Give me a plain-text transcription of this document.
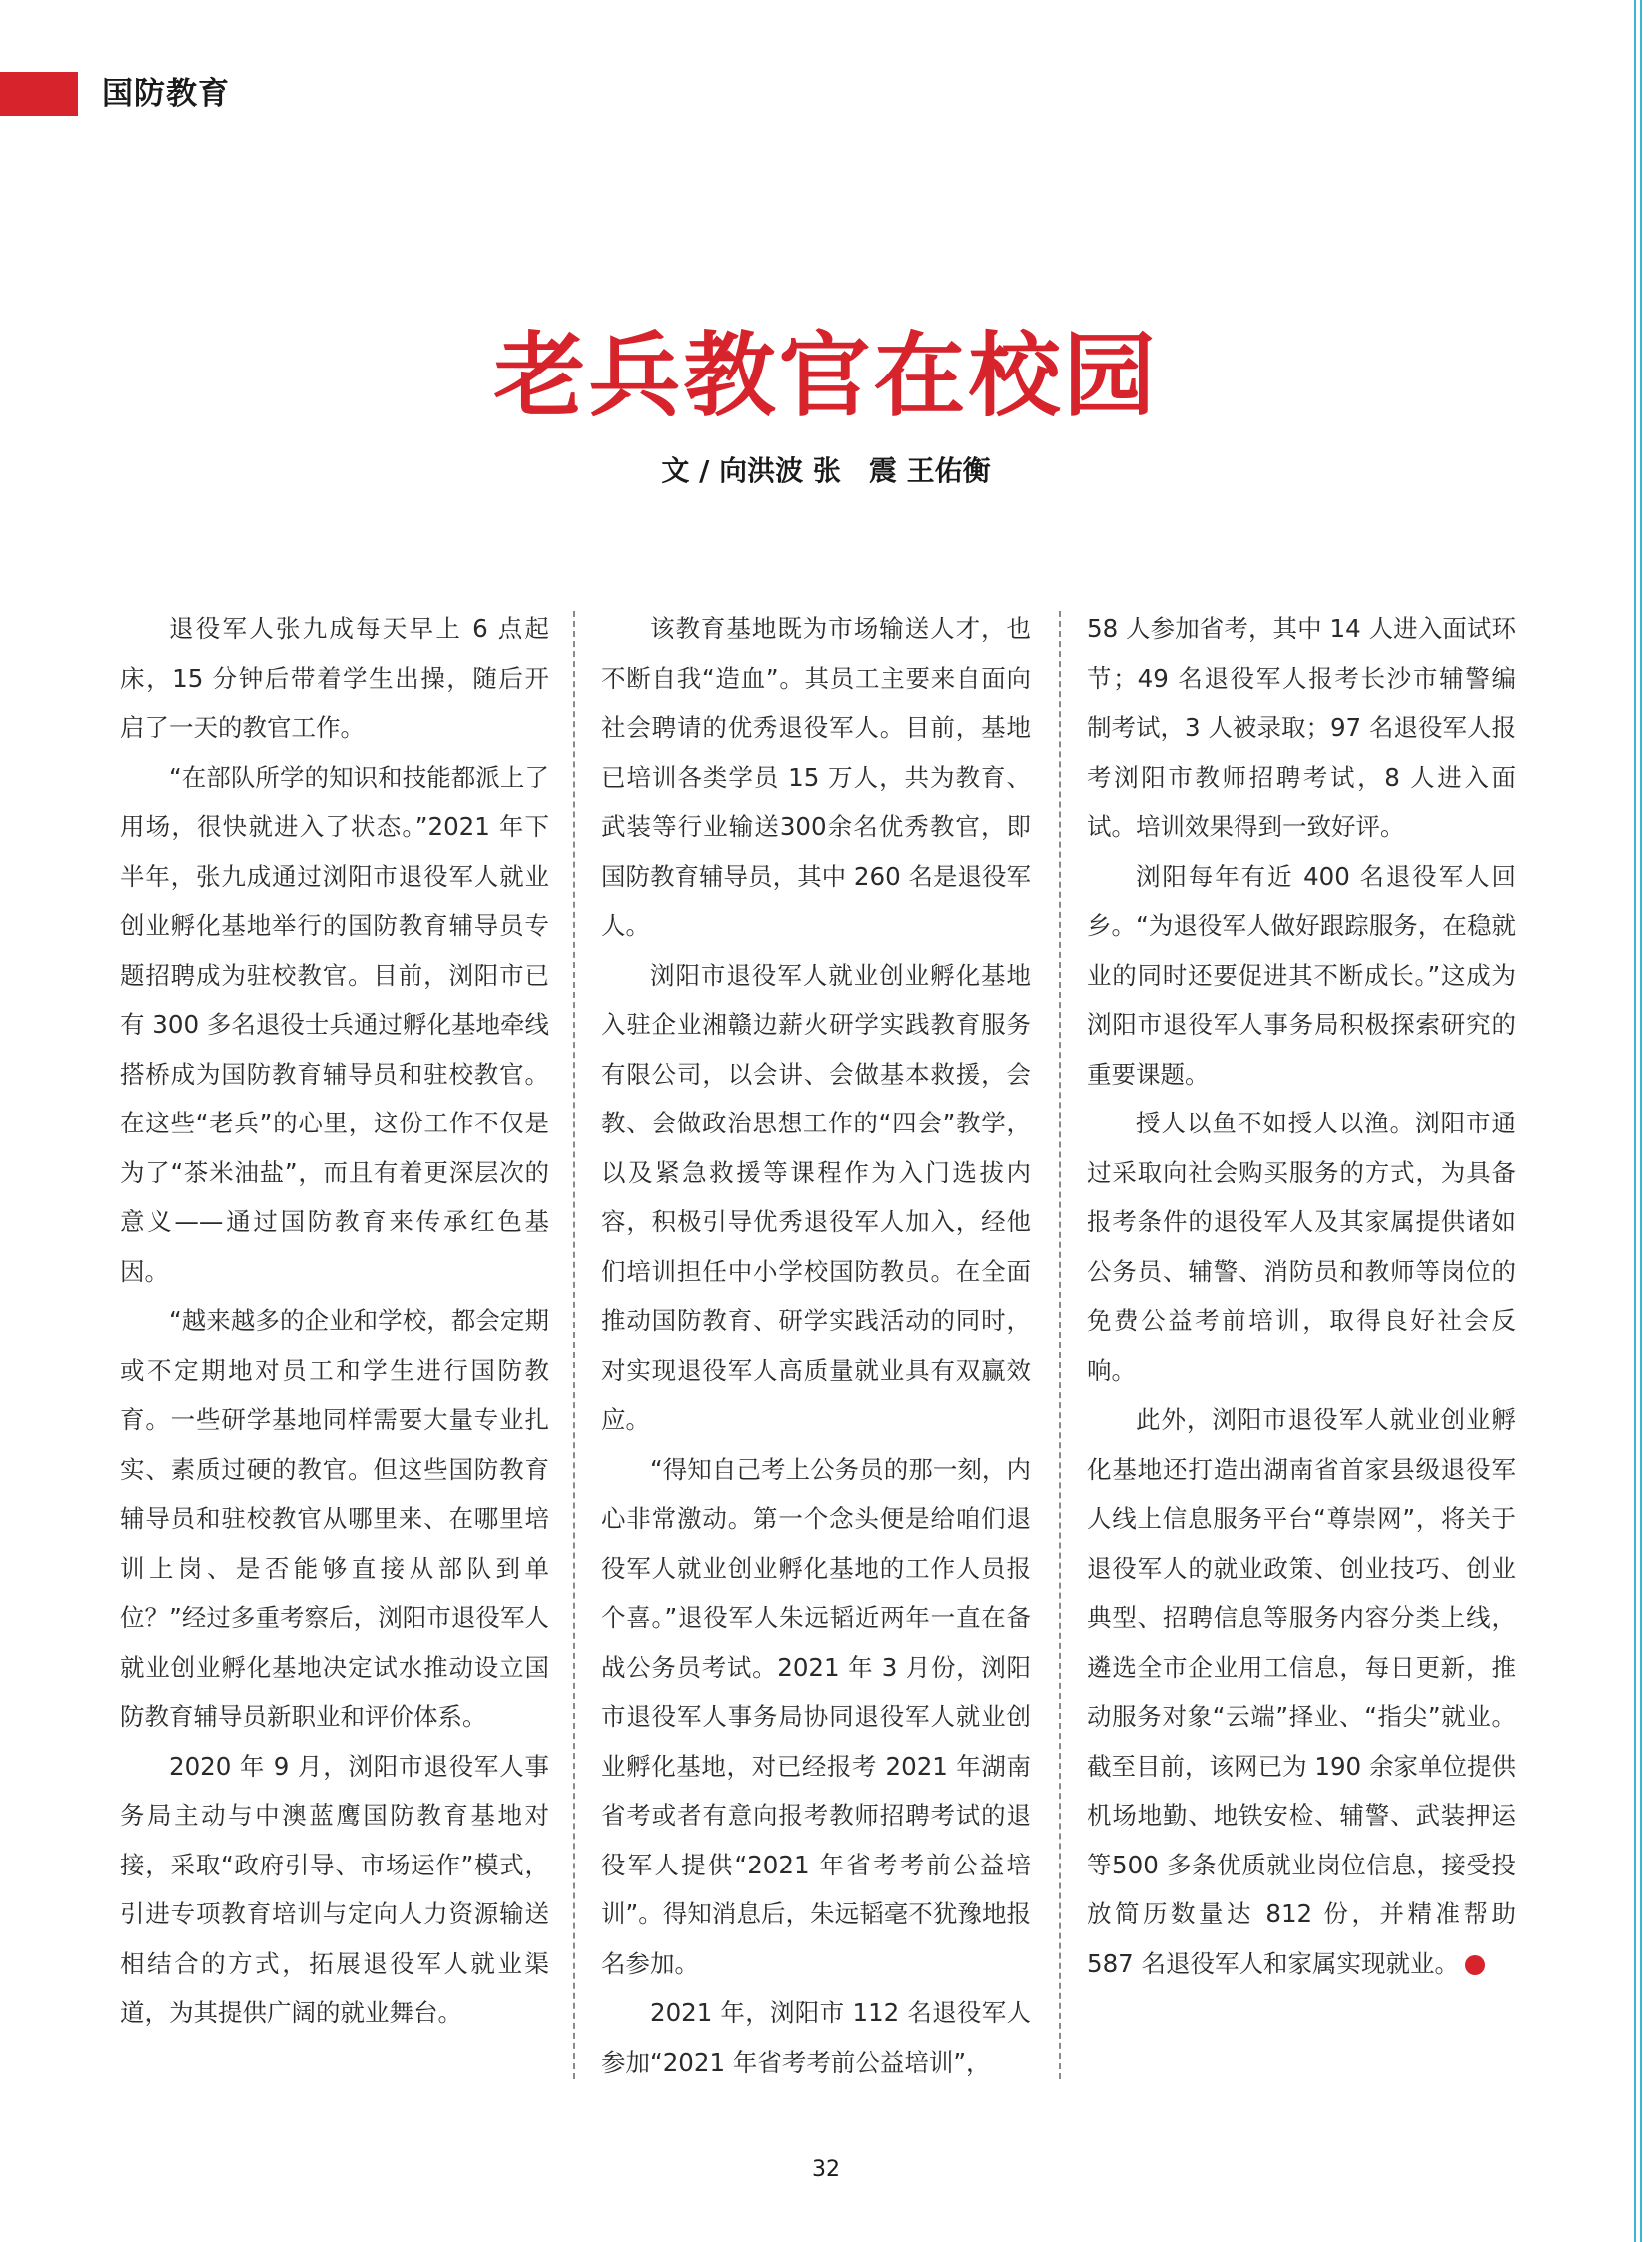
国防教育
老兵教官在校园
文 / 向洪波 张　震 王佑衡

退役军人张九成每天早上 6 点起床，15 分钟后带着学生出操，随后开启了一天的教官工作。

“在部队所学的知识和技能都派上了用场，很快就进入了状态。”2021 年下半年，张九成通过浏阳市退役军人就业创业孵化基地举行的国防教育辅导员专题招聘成为驻校教官。目前，浏阳市已有 300 多名退役士兵通过孵化基地牵线搭桥成为国防教育辅导员和驻校教官。在这些“老兵”的心里，这份工作不仅是为了“茶米油盐”，而且有着更深层次的意义——通过国防教育来传承红色基因。

“越来越多的企业和学校，都会定期或不定期地对员工和学生进行国防教育。一些研学基地同样需要大量专业扎实、素质过硬的教官。但这些国防教育辅导员和驻校教官从哪里来、在哪里培训上岗、是否能够直接从部队到单位？”经过多重考察后，浏阳市退役军人就业创业孵化基地决定试水推动设立国防教育辅导员新职业和评价体系。

2020 年 9 月，浏阳市退役军人事务局主动与中澳蓝鹰国防教育基地对接，采取“政府引导、市场运作”模式，引进专项教育培训与定向人力资源输送相结合的方式，拓展退役军人就业渠道，为其提供广阔的就业舞台。

该教育基地既为市场输送人才，也不断自我“造血”。其员工主要来自面向社会聘请的优秀退役军人。目前，基地已培训各类学员 15 万人，共为教育、武装等行业输送300余名优秀教官，即国防教育辅导员，其中 260 名是退役军人。

浏阳市退役军人就业创业孵化基地入驻企业湘赣边薪火研学实践教育服务有限公司，以会讲、会做基本救援，会教、会做政治思想工作的“四会”教学，以及紧急救援等课程作为入门选拔内容，积极引导优秀退役军人加入，经他们培训担任中小学校国防教员。在全面推动国防教育、研学实践活动的同时，对实现退役军人高质量就业具有双赢效应。

“得知自己考上公务员的那一刻，内心非常激动。第一个念头便是给咱们退役军人就业创业孵化基地的工作人员报个喜。”退役军人朱远韬近两年一直在备战公务员考试。2021 年 3 月份，浏阳市退役军人事务局协同退役军人就业创业孵化基地，对已经报考 2021 年湖南省考或者有意向报考教师招聘考试的退役军人提供“2021 年省考考前公益培训”。得知消息后，朱远韬毫不犹豫地报名参加。

2021 年，浏阳市 112 名退役军人参加“2021 年省考考前公益培训”，

58 人参加省考，其中 14 人进入面试环节；49 名退役军人报考长沙市辅警编制考试，3 人被录取；97 名退役军人报考浏阳市教师招聘考试，8 人进入面试。培训效果得到一致好评。

浏阳每年有近 400 名退役军人回乡。“为退役军人做好跟踪服务，在稳就业的同时还要促进其不断成长。”这成为浏阳市退役军人事务局积极探索研究的重要课题。

授人以鱼不如授人以渔。浏阳市通过采取向社会购买服务的方式，为具备报考条件的退役军人及其家属提供诸如公务员、辅警、消防员和教师等岗位的免费公益考前培训，取得良好社会反响。

此外，浏阳市退役军人就业创业孵化基地还打造出湖南省首家县级退役军人线上信息服务平台“尊崇网”，将关于退役军人的就业政策、创业技巧、创业典型、招聘信息等服务内容分类上线，遴选全市企业用工信息，每日更新，推动服务对象“云端”择业、“指尖”就业。截至目前，该网已为 190 余家单位提供机场地勤、地铁安检、辅警、武装押运等500 多条优质就业岗位信息，接受投放简历数量达 812 份，并精准帮助 587 名退役军人和家属实现就业。	V

32
